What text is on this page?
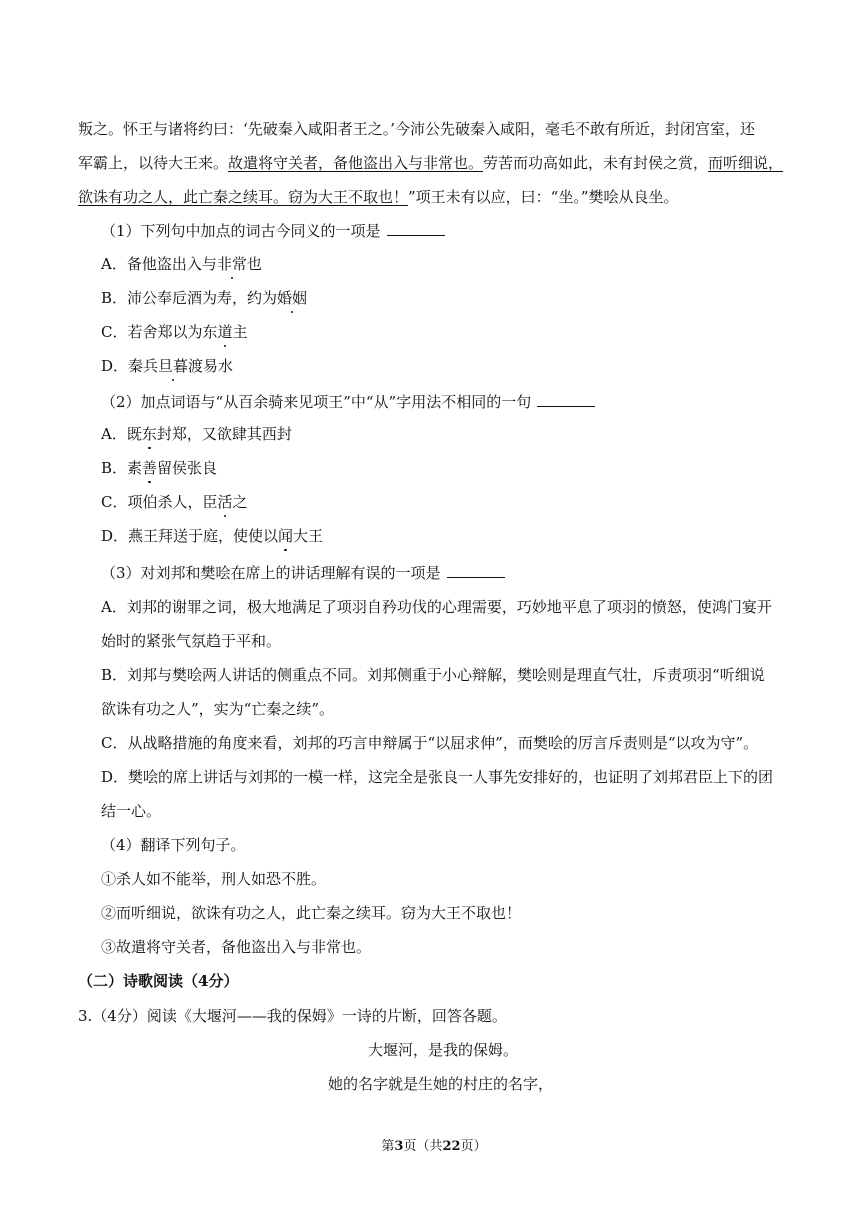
叛之。怀王与诸将约曰：‘先破秦入咸阳者王之。’今沛公先破秦入咸阳，毫毛不敢有所近，封闭宫室，还
军霸上，以待大王来。故遣将守关者，备他盗出入与非常也。劳苦而功高如此，未有封侯之赏，而听细说，
欲诛有功之人，此亡秦之续耳。窃为大王不取也！”项王未有以应，曰：“坐。”樊哙从良坐。
（1）下列句中加点的词古今同义的一项是
A．备他盗出入与非常也
B．沛公奉卮酒为寿，约为婚姻
C．若舍郑以为东道主
D．秦兵旦暮渡易水
（2）加点词语与“从百余骑来见项王”中“从”字用法不相同的一句
A．既东封郑，又欲肆其西封
B．素善留侯张良
C．项伯杀人，臣活之
D．燕王拜送于庭，使使以闻大王
（3）对刘邦和樊哙在席上的讲话理解有误的一项是
A．刘邦的谢罪之词，极大地满足了项羽自矜功伐的心理需要，巧妙地平息了项羽的愤怒，使鸿门宴开
始时的紧张气氛趋于平和。
B．刘邦与樊哙两人讲话的侧重点不同。刘邦侧重于小心辩解，樊哙则是理直气壮，斥责项羽“听细说
欲诛有功之人”，实为“亡秦之续”。
C．从战略措施的角度来看，刘邦的巧言申辩属于“以屈求伸”，而樊哙的厉言斥责则是“以攻为守”。
D．樊哙的席上讲话与刘邦的一模一样，这完全是张良一人事先安排好的，也证明了刘邦君臣上下的团
结一心。
（4）翻译下列句子。
①杀人如不能举，刑人如恐不胜。
②而听细说，欲诛有功之人，此亡秦之续耳。窃为大王不取也！
③故遣将守关者，备他盗出入与非常也。
（二）诗歌阅读（4分）
3.（4分）阅读《大堰河——我的保姆》一诗的片断，回答各题。
大堰河，是我的保姆。
她的名字就是生她的村庄的名字，
第3页（共22页）
